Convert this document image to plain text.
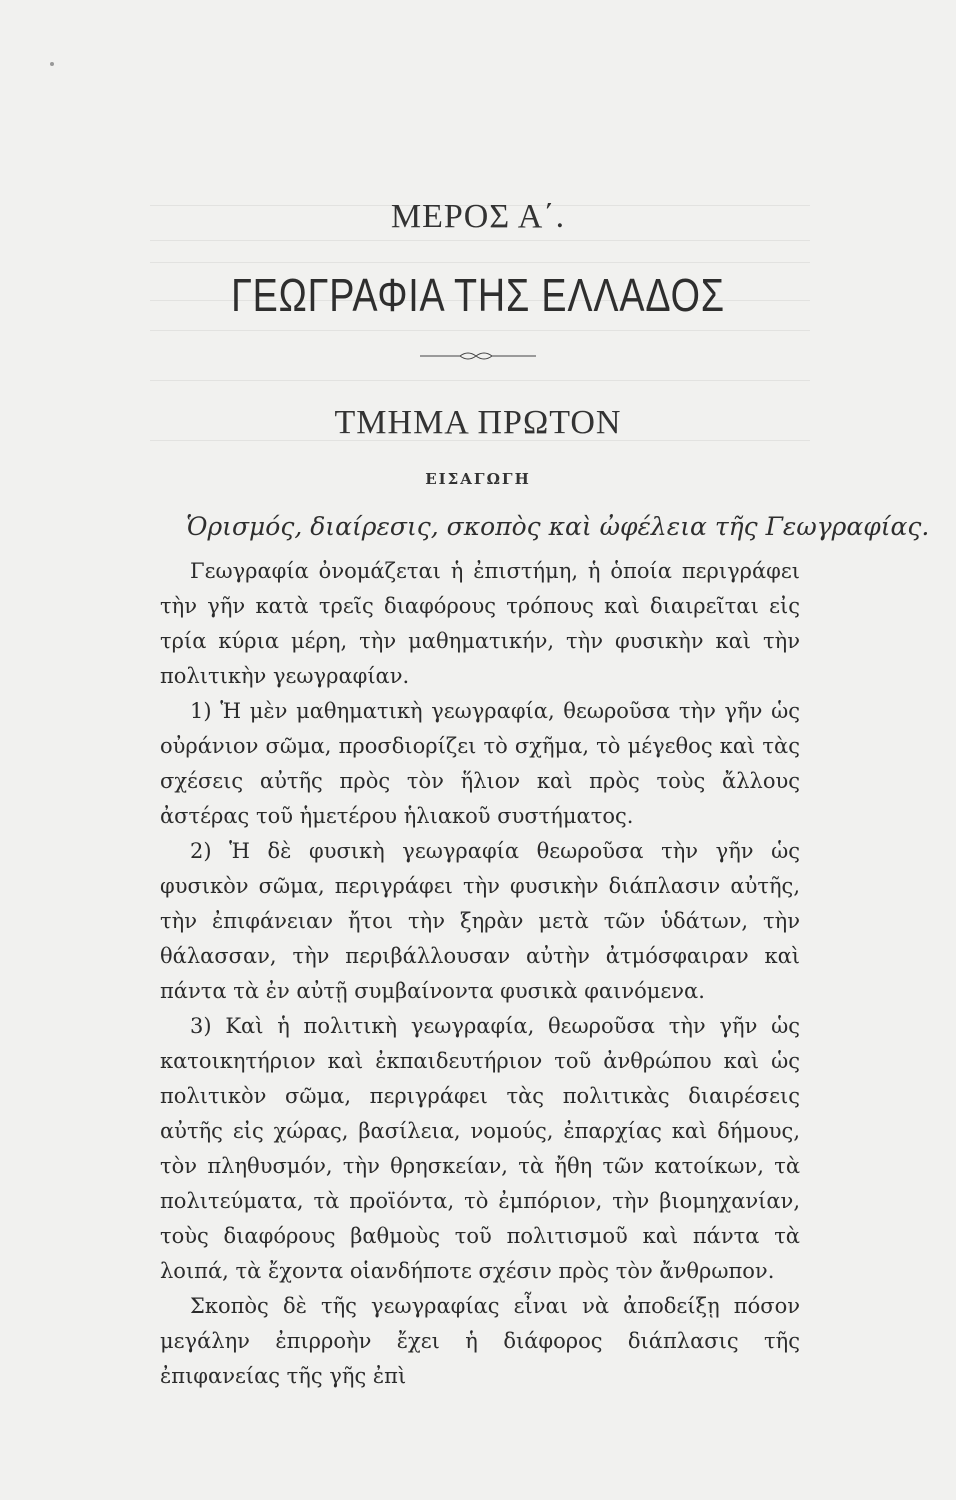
ΜΕΡΟΣ Α΄.
ΓΕΩΓΡΑΦΙΑ ΤΗΣ ΕΛΛΑΔΟΣ
ΤΜΗΜΑ ΠΡΩΤΟΝ
ΕΙΣΑΓΩΓΗ
Ὁρισμός, διαίρεσις, σκοπὸς καὶ ὠφέλεια τῆς Γεωγραφίας.

Γεωγραφία ὀνομάζεται ἡ ἐπιστήμη, ἡ ὁποία περιγράφει τὴν γῆν κατὰ τρεῖς διαφόρους τρόπους καὶ διαιρεῖται εἰς τρία κύρια μέρη, τὴν μαθηματικήν, τὴν φυσικὴν καὶ τὴν πολιτικὴν γεωγραφίαν.

1) Ἡ μὲν μαθηματικὴ γεωγραφία, θεωροῦσα τὴν γῆν ὡς οὐράνιον σῶμα, προσδιορίζει τὸ σχῆμα, τὸ μέγεθος καὶ τὰς σχέσεις αὐτῆς πρὸς τὸν ἥλιον καὶ πρὸς τοὺς ἄλλους ἀστέρας τοῦ ἡμετέρου ἡλιακοῦ συστήματος.

2) Ἡ δὲ φυσικὴ γεωγραφία θεωροῦσα τὴν γῆν ὡς φυσικὸν σῶμα, περιγράφει τὴν φυσικὴν διάπλασιν αὐτῆς, τὴν ἐπιφάνειαν ἤτοι τὴν ξηρὰν μετὰ τῶν ὑδάτων, τὴν θάλασσαν, τὴν περιβάλλουσαν αὐτὴν ἀτμόσφαιραν καὶ πάντα τὰ ἐν αὐτῇ συμβαίνοντα φυσικὰ φαινόμενα.

3) Καὶ ἡ πολιτικὴ γεωγραφία, θεωροῦσα τὴν γῆν ὡς κατοικητήριον καὶ ἐκπαιδευτήριον τοῦ ἀνθρώπου καὶ ὡς πολιτικὸν σῶμα, περιγράφει τὰς πολιτικὰς διαιρέσεις αὐτῆς εἰς χώρας, βασίλεια, νομούς, ἐπαρχίας καὶ δήμους, τὸν πληθυσμόν, τὴν θρησκείαν, τὰ ἤθη τῶν κατοίκων, τὰ πολιτεύματα, τὰ προϊόντα, τὸ ἐμπόριον, τὴν βιομηχανίαν, τοὺς διαφόρους βαθμοὺς τοῦ πολιτισμοῦ καὶ πάντα τὰ λοιπά, τὰ ἔχοντα οἱανδήποτε σχέσιν πρὸς τὸν ἄνθρωπον.

Σκοπὸς δὲ τῆς γεωγραφίας εἶναι νὰ ἀποδείξῃ πόσον μεγάλην ἐπιρροὴν ἔχει ἡ διάφορος διάπλασις τῆς ἐπιφανείας τῆς γῆς ἐπὶ
